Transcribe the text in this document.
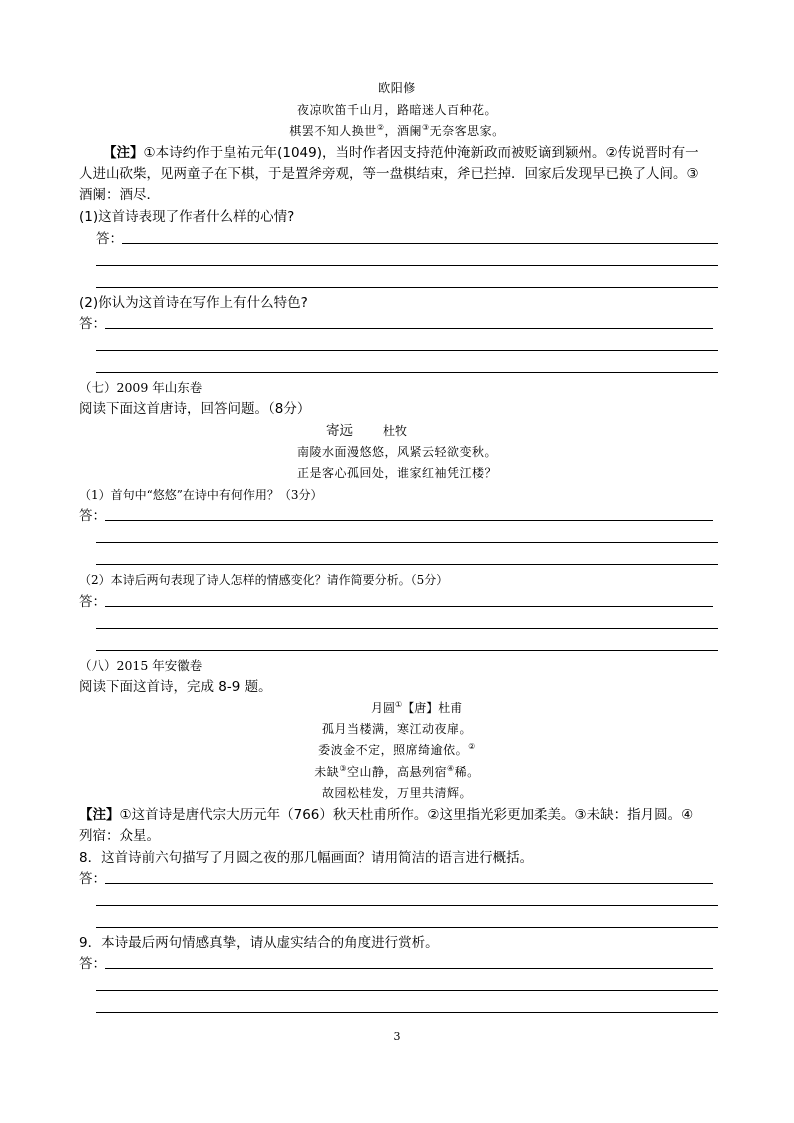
欧阳修
夜凉吹笛千山月，路暗迷人百种花。
棋罢不知人换世②，酒阑③无奈客思家。
【注】①本诗约作于皇祐元年(1049)，当时作者因支持范仲淹新政而被贬谪到颍州。②传说晋时有一
人进山砍柴，见两童子在下棋，于是置斧旁观，等一盘棋结束，斧已拦掉．回家后发现早已换了人间。③
酒阑：酒尽．
(1)这首诗表现了作者什么样的心情?
答：
(2)你认为这首诗在写作上有什么特色?
答：
（七）2009 年山东卷
阅读下面这首唐诗，回答问题。（8分）
寄远	杜牧
南陵水面漫悠悠，风紧云轻欲变秋。
正是客心孤回处，谁家红袖凭江楼？
（1）首句中“悠悠”在诗中有何作用？（3分）
答：
（2）本诗后两句表现了诗人怎样的情感变化？请作简要分析。（5分）
答：
（八）2015 年安徽卷
阅读下面这首诗，完成 8-9 题。
月圆①【唐】杜甫
孤月当楼满，寒江动夜扉。
委波金不定，照席绮逾依。②
未缺③空山静，高悬列宿④稀。
故园松桂发，万里共清辉。
【注】①这首诗是唐代宗大历元年（766）秋天杜甫所作。②这里指光彩更加柔美。③未缺：指月圆。④
列宿：众星。
8．这首诗前六句描写了月圆之夜的那几幅画面？请用简洁的语言进行概括。
答：
9．本诗最后两句情感真挚，请从虚实结合的角度进行赏析。
答：
3
